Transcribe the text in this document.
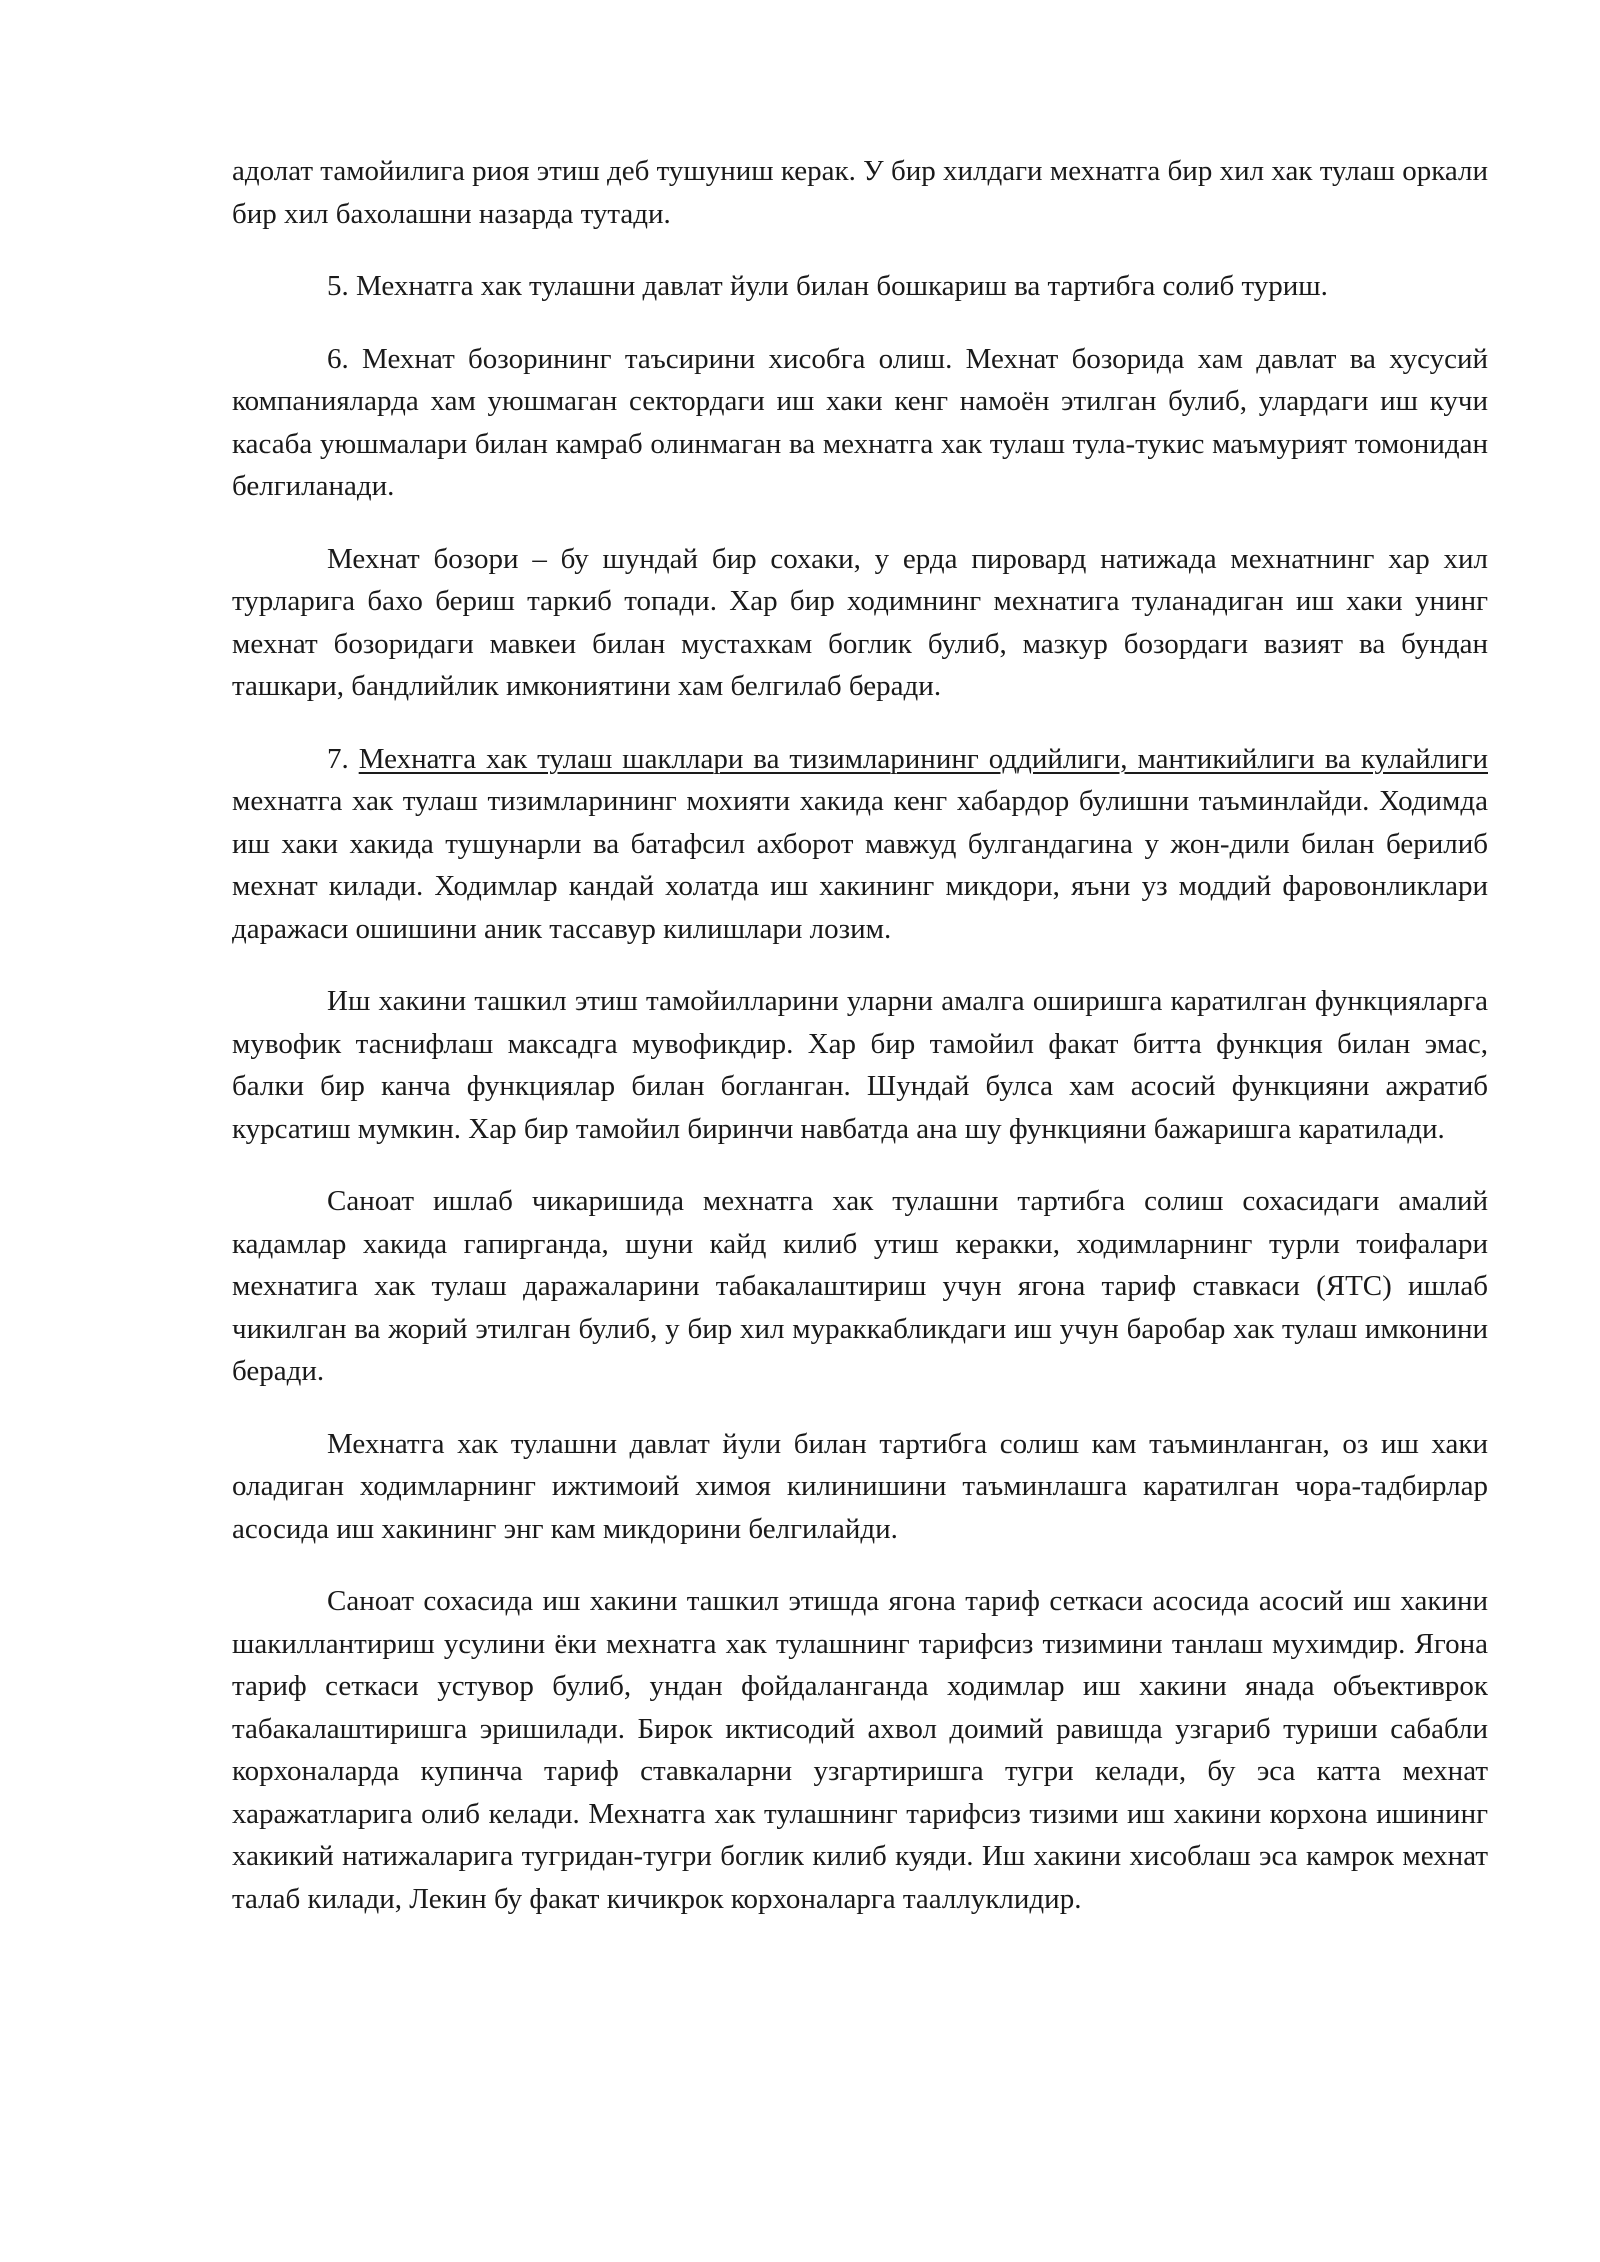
адолат тамойилига риоя этиш деб тушуниш керак. У бир хилдаги мехнатга бир хил хак тулаш оркали бир хил бахолашни назарда тутади.

5. Мехнатга хак тулашни давлат йули билан бошкариш ва тартибга солиб туриш.

6. Мехнат бозорининг таъсирини хисобга олиш. Мехнат бозорида хам давлат ва хусусий компанияларда хам уюшмаган сектордаги иш хаки кенг намоён этилган булиб, улардаги иш кучи касаба уюшмалари билан камраб олинмаган ва мехнатга хак тулаш тула-тукис маъмурият томонидан белгиланади.

Мехнат бозори – бу шундай бир сохаки, у ерда пировард натижада мехнатнинг хар хил турларига бахо бериш таркиб топади. Хар бир ходимнинг мехнатига туланадиган иш хаки унинг мехнат бозоридаги мавкеи билан мустахкам боглик булиб, мазкур бозордаги вазият ва бундан ташкари, бандлийлик имкониятини хам белгилаб беради.

7. Мехнатга хак тулаш шакллари ва тизимларининг оддийлиги, мантикийлиги ва кулайлиги мехнатга хак тулаш тизимларининг мохияти хакида кенг хабардор булишни таъминлайди. Ходимда иш хаки хакида тушунарли ва батафсил ахборот мавжуд булгандагина у жон-дили билан берилиб мехнат килади. Ходимлар кандай холатда иш хакининг микдори, яъни уз моддий фаровонликлари даражаси ошишини аник тассавур килишлари лозим.

Иш хакини ташкил этиш тамойилларини уларни амалга оширишга каратилган функцияларга мувофик таснифлаш максадга мувофикдир. Хар бир тамойил факат битта функция билан эмас, балки бир канча функциялар билан богланган. Шундай булса хам асосий функцияни ажратиб курсатиш мумкин. Хар бир тамойил биринчи навбатда ана шу функцияни бажаришга каратилади.

Саноат ишлаб чикаришида мехнатга хак тулашни тартибга солиш сохасидаги амалий кадамлар хакида гапирганда, шуни кайд килиб утиш керакки, ходимларнинг турли тоифалари мехнатига хак тулаш даражаларини табакалаштириш учун ягона тариф ставкаси (ЯТС) ишлаб чикилган ва жорий этилган булиб, у бир хил мураккабликдаги иш учун баробар хак тулаш имконини беради.

Мехнатга хак тулашни давлат йули билан тартибга солиш кам таъминланган, оз иш хаки оладиган ходимларнинг ижтимоий химоя килинишини таъминлашга каратилган чора-тадбирлар асосида иш хакининг энг кам микдорини белгилайди.

Саноат сохасида иш хакини ташкил этишда ягона тариф сеткаси асосида асосий иш хакини шакиллантириш усулини ёки мехнатга хак тулашнинг тарифсиз тизимини танлаш мухимдир. Ягона тариф сеткаси устувор булиб, ундан фойдаланганда ходимлар иш хакини янада объективрок табакалаштиришга эришилади. Бирок иктисодий ахвол доимий равишда узгариб туриши сабабли корхоналарда купинча тариф ставкаларни узгартиришга тугри келади, бу эса катта мехнат харажатларига олиб келади. Мехнатга хак тулашнинг тарифсиз тизими иш хакини корхона ишининг хакикий натижаларига тугридан-тугри боглик килиб куяди. Иш хакини хисоблаш эса камрок мехнат талаб килади, Лекин бу факат кичикрок корхоналарга тааллуклидир.
